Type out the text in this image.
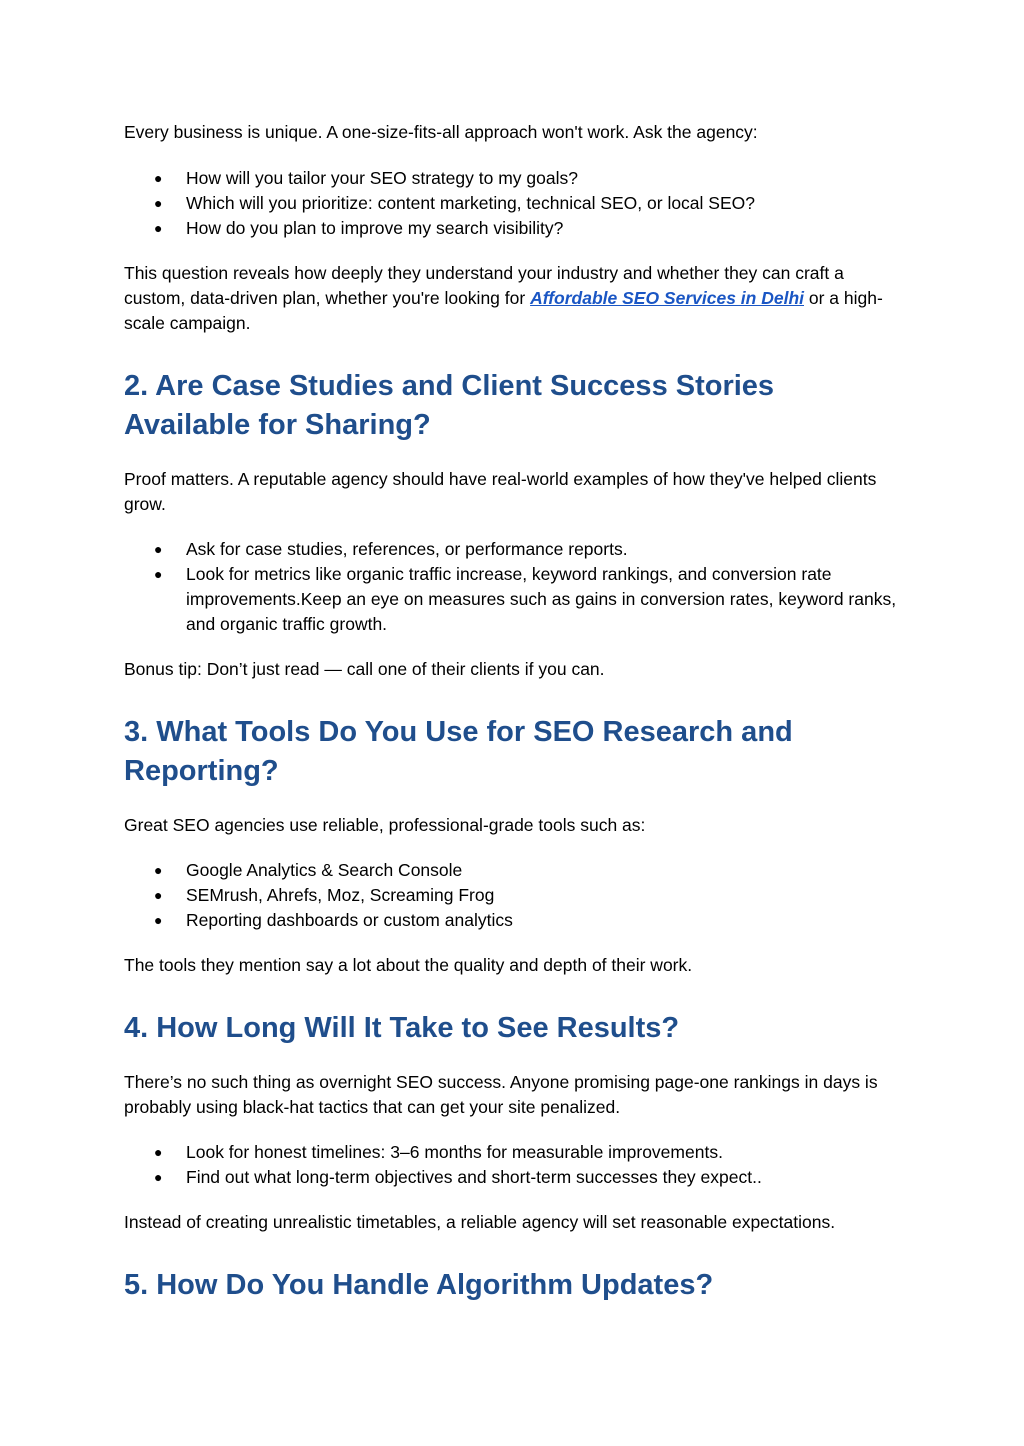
Every business is unique. A one-size-fits-all approach won't work. Ask the agency:

● How will you tailor your SEO strategy to my goals?
● Which will you prioritize: content marketing, technical SEO, or local SEO?
● How do you plan to improve my search visibility?

This question reveals how deeply they understand your industry and whether they can craft a custom, data-driven plan, whether you're looking for Affordable SEO Services in Delhi or a high-scale campaign.

2. Are Case Studies and Client Success Stories Available for Sharing?

Proof matters. A reputable agency should have real-world examples of how they've helped clients grow.

● Ask for case studies, references, or performance reports.
● Look for metrics like organic traffic increase, keyword rankings, and conversion rate improvements.Keep an eye on measures such as gains in conversion rates, keyword ranks, and organic traffic growth.

Bonus tip: Don’t just read — call one of their clients if you can.

3. What Tools Do You Use for SEO Research and Reporting?

Great SEO agencies use reliable, professional-grade tools such as:

● Google Analytics & Search Console
● SEMrush, Ahrefs, Moz, Screaming Frog
● Reporting dashboards or custom analytics

The tools they mention say a lot about the quality and depth of their work.

4. How Long Will It Take to See Results?

There’s no such thing as overnight SEO success. Anyone promising page-one rankings in days is probably using black-hat tactics that can get your site penalized.

● Look for honest timelines: 3–6 months for measurable improvements.
● Find out what long-term objectives and short-term successes they expect..

Instead of creating unrealistic timetables, a reliable agency will set reasonable expectations.

5. How Do You Handle Algorithm Updates?
